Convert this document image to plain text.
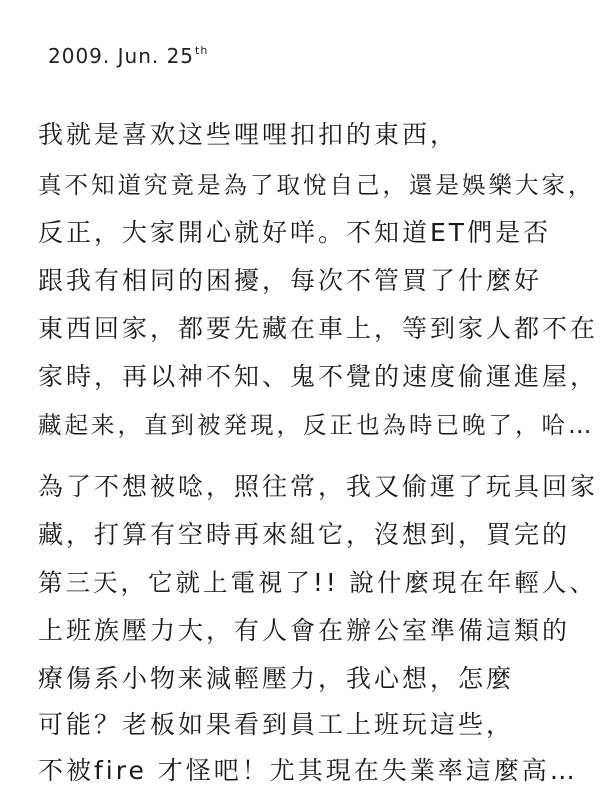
2009. Jun. 25th
我就是喜欢这些哩哩扣扣的東西，
真不知道究竟是為了取悅自己，還是娛樂大家，
反正，大家開心就好咩。不知道ET們是否
跟我有相同的困擾，每次不管買了什麼好
東西回家，都要先藏在車上，等到家人都不在
家時，再以神不知、鬼不覺的速度偷運進屋，
藏起来，直到被発現，反正也為時已晚了，哈…
為了不想被唸，照往常，我又偷運了玩具回家
藏，打算有空時再來組它，沒想到，買完的
第三天，它就上電視了!! 說什麼現在年輕人、
上班族壓力大，有人會在辦公室準備這類的
療傷系小物来減輕壓力，我心想，怎麼
可能？老板如果看到員工上班玩這些，
不被fire 才怪吧！尤其現在失業率這麼高…
